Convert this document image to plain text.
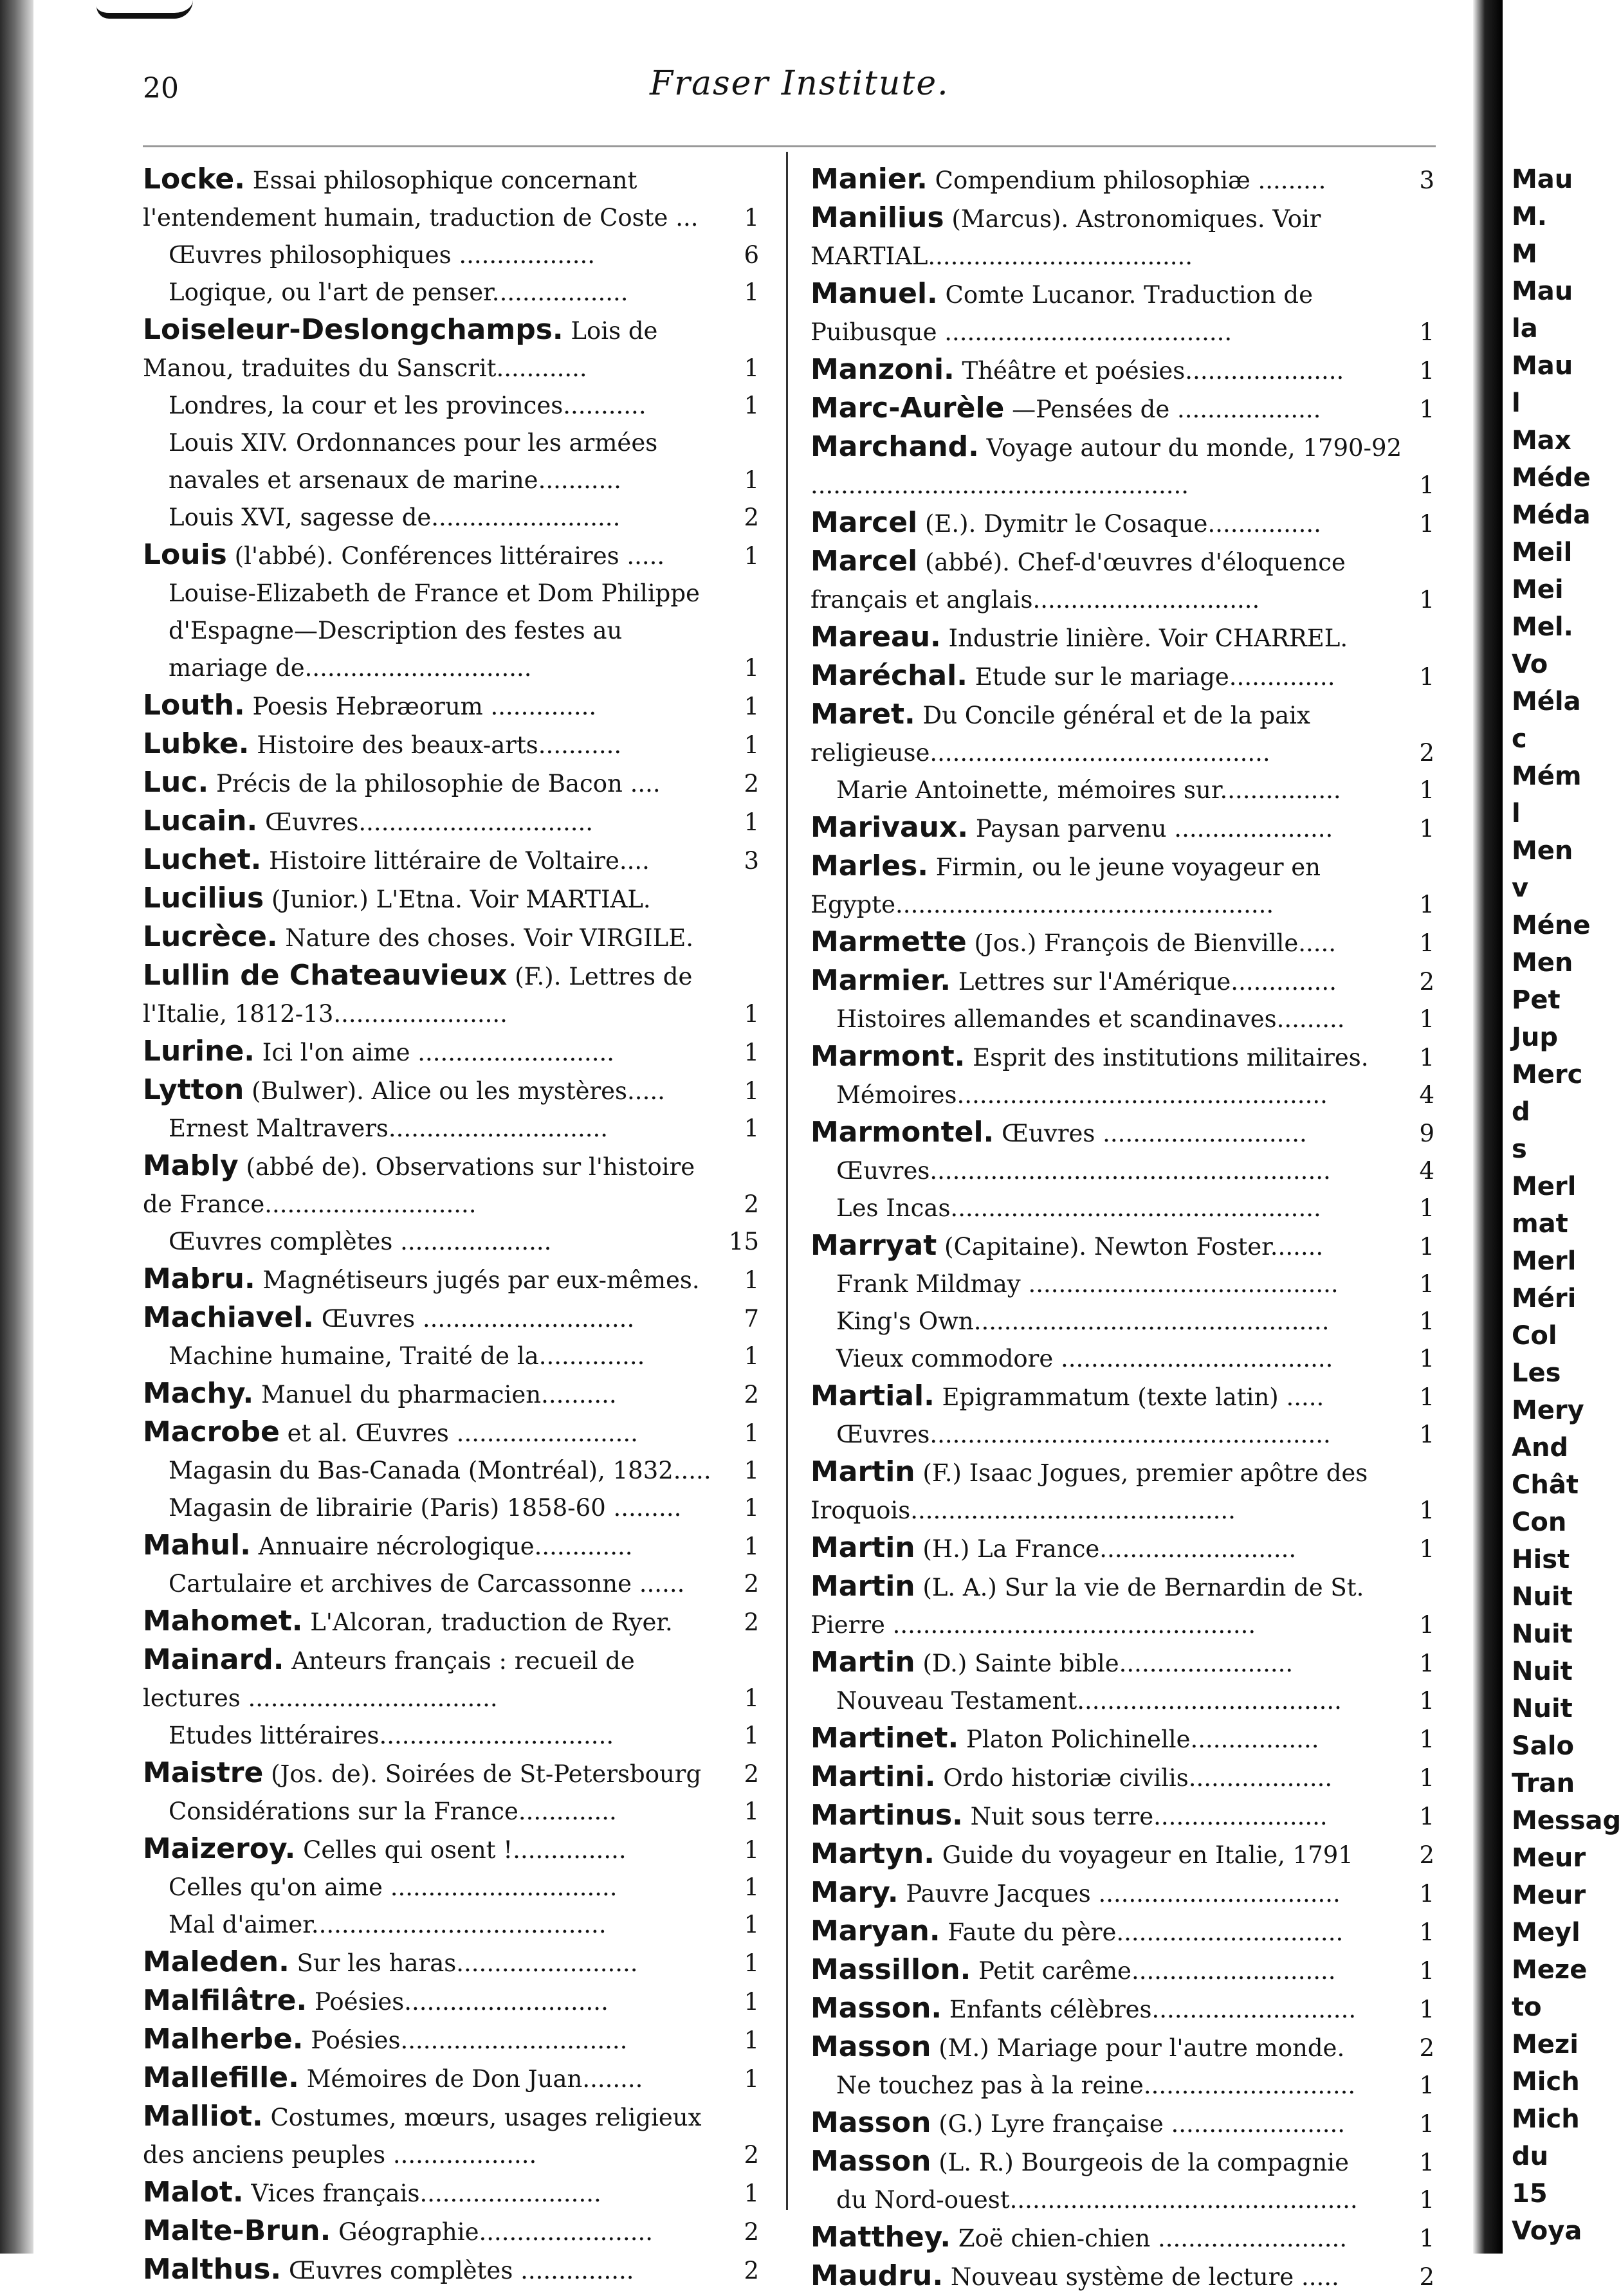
20	Fraser Institute.
Locke. Essai philosophique concernant l'entendement humain, traduction de Coste ...	1
Œuvres philosophiques ..................	6
Logique, ou l'art de penser..................	1
Loiseleur-Deslongchamps. Lois de Manou, traduites du Sanscrit............	1
Londres, la cour et les provinces...........	1
Louis XIV. Ordonnances pour les armées navales et arsenaux de marine...........	1
Louis XVI, sagesse de.........................	2
Louis (l'abbé). Conférences littéraires .....	1
Louise-Elizabeth de France et Dom Philippe d'Espagne—Description des festes au mariage de..............................	1
Louth. Poesis Hebræorum ..............	1
Lubke. Histoire des beaux-arts...........	1
Luc. Précis de la philosophie de Bacon ....	2
Lucain. Œuvres...............................	1
Luchet. Histoire littéraire de Voltaire....	3
Lucilius (Junior.) L'Etna. Voir MARTIAL.
Lucrèce. Nature des choses. Voir VIRGILE.
Lullin de Chateauvieux (F.). Lettres de l'Italie, 1812-13.......................	1
Lurine. Ici l'on aime ..........................	1
Lytton (Bulwer). Alice ou les mystères.....	1
Ernest Maltravers.............................	1
Mably (abbé de). Observations sur l'histoire de France............................	2
Œuvres complètes ....................	15
Mabru. Magnétiseurs jugés par eux-mêmes.	1
Machiavel. Œuvres ............................	7
Machine humaine, Traité de la..............	1
Machy. Manuel du pharmacien..........	2
Macrobe et al. Œuvres ........................	1
Magasin du Bas-Canada (Montréal), 1832.....	1
Magasin de librairie (Paris) 1858-60 .........	1
Mahul. Annuaire nécrologique.............	1
Cartulaire et archives de Carcassonne ......	2
Mahomet. L'Alcoran, traduction de Ryer.	2
Mainard. Anteurs français : recueil de lectures .................................	1
Etudes littéraires...............................	1
Maistre (Jos. de). Soirées de St-Petersbourg	2
Considérations sur la France.............	1
Maizeroy. Celles qui osent !...............	1
Celles qu'on aime ..............................	1
Mal d'aimer.......................................	1
Maleden. Sur les haras........................	1
Malfilâtre. Poésies...........................	1
Malherbe. Poésies..............................	1
Mallefille. Mémoires de Don Juan........	1
Malliot. Costumes, mœurs, usages religieux des anciens peuples ...................	2
Malot. Vices français........................	1
Malte-Brun. Géographie.......................	2
Malthus. Œuvres complètes ...............	2
Manier. Compendium philosophiæ .........	3
Manilius (Marcus). Astronomiques. Voir MARTIAL...................................
Manuel. Comte Lucanor. Traduction de Puibusque ......................................	1
Manzoni. Théâtre et poésies.....................	1
Marc-Aurèle —Pensées de ...................	1
Marchand. Voyage autour du monde, 1790-92 ..................................................	1
Marcel (E.). Dymitr le Cosaque...............	1
Marcel (abbé). Chef-d'œuvres d'éloquence français et anglais..............................	1
Mareau. Industrie linière. Voir CHARREL.
Maréchal. Etude sur le mariage..............	1
Maret. Du Concile général et de la paix religieuse.............................................	2
Marie Antoinette, mémoires sur................	1
Marivaux. Paysan parvenu .....................	1
Marles. Firmin, ou le jeune voyageur en Egypte..................................................	1
Marmette (Jos.) François de Bienville.....	1
Marmier. Lettres sur l'Amérique..............	2
Histoires allemandes et scandinaves.........	1
Marmont. Esprit des institutions militaires.	1
Mémoires.................................................	4
Marmontel. Œuvres ...........................	9
Œuvres.....................................................	4
Les Incas.................................................	1
Marryat (Capitaine). Newton Foster.......	1
Frank Mildmay .........................................	1
King's Own...............................................	1
Vieux commodore ....................................	1
Martial. Epigrammatum (texte latin) .....	1
Œuvres.....................................................	1
Martin (F.) Isaac Jogues, premier apôtre des Iroquois...........................................	1
Martin (H.) La France..........................	1
Martin (L. A.) Sur la vie de Bernardin de St. Pierre ................................................	1
Martin (D.) Sainte bible.......................	1
Nouveau Testament...................................	1
Martinet. Platon Polichinelle.................	1
Martini. Ordo historiæ civilis...................	1
Martinus. Nuit sous terre.......................	1
Martyn. Guide du voyageur en Italie, 1791	2
Mary. Pauvre Jacques ................................	1
Maryan. Faute du père..............................	1
Massillon. Petit carême...........................	1
Masson. Enfants célèbres...........................	1
Masson (M.) Mariage pour l'autre monde.	2
Ne touchez pas à la reine............................	1
Masson (G.) Lyre française .......................	1
Masson (L. R.) Bourgeois de la compagnie	1
du Nord-ouest..............................................	1
Matthey. Zoë chien-chien .........................	1
Maudru. Nouveau système de lecture .....	2
Mau
M.
M
Mau
la
Mau
l
Max
Méde
Méda
Meil
Mei
Mel.
Vo
Méla
c
Mém
l
Men
v
Méne
Men
Pet
Jup
Merc
d
s
Merl
mat
Merl
Méri
Col
Les
Mery
And
Chât
Con
Hist
Nuit
Nuit
Nuit
Nuit
Salo
Tran
Messag
Meur
Meur
Meyl
Meze
to
Mezi
Mich
Mich
du
15
Voya
